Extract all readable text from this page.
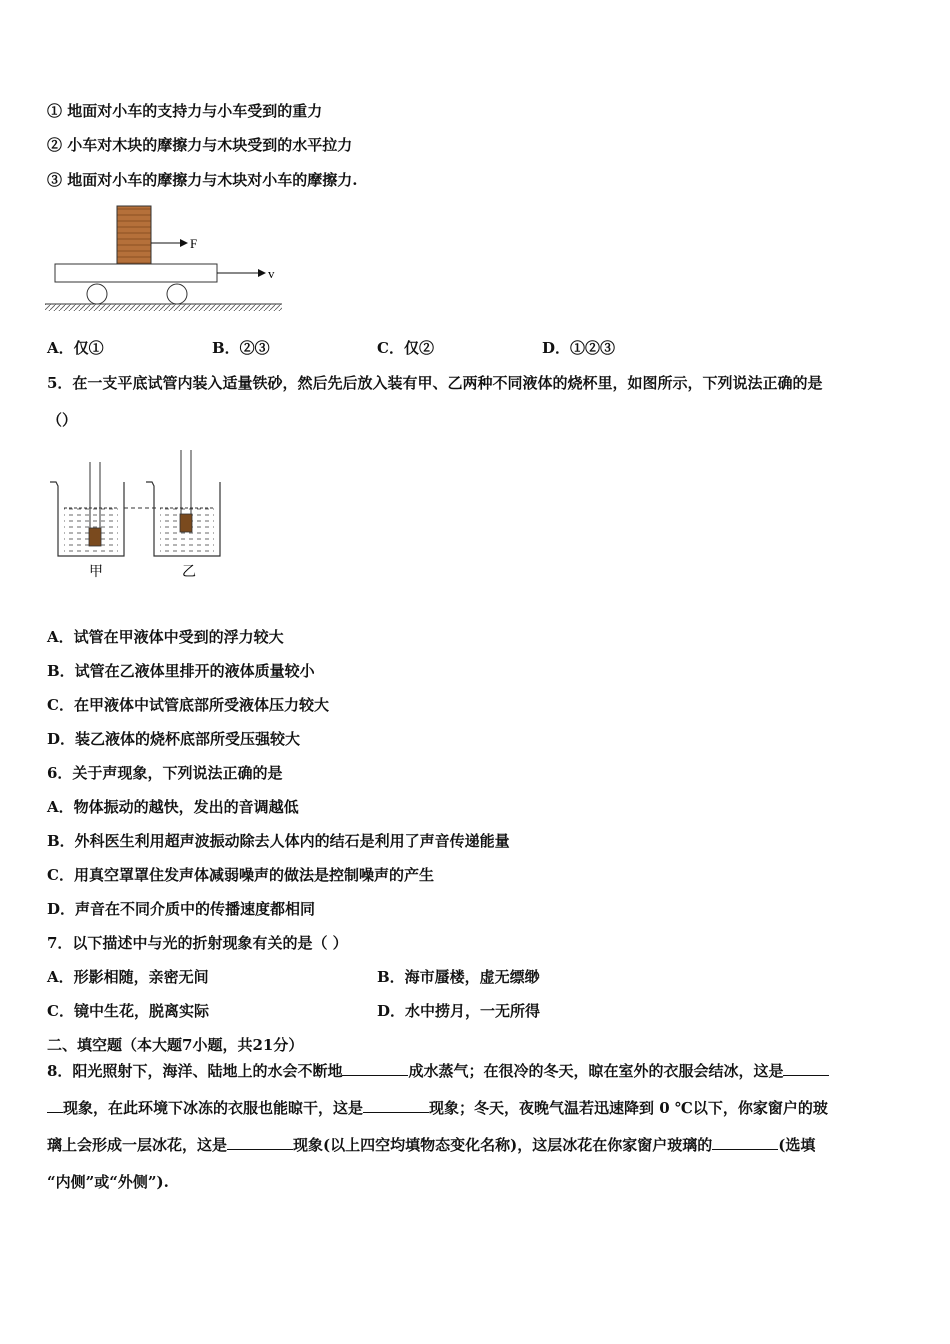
① 地面对小车的支持力与小车受到的重力
② 小车对木块的摩擦力与木块受到的水平拉力
③ 地面对小车的摩擦力与木块对小车的摩擦力.
F
v
A．仅①	B．②③	C．仅②	D．①②③
5．在一支平底试管内装入适量铁砂，然后先后放入装有甲、乙两种不同液体的烧杯里，如图所示，下列说法正确的是
（）
甲	乙
A．试管在甲液体中受到的浮力较大
B．试管在乙液体里排开的液体质量较小
C．在甲液体中试管底部所受液体压力较大
D．装乙液体的烧杯底部所受压强较大
6．关于声现象，下列说法正确的是
A．物体振动的越快，发出的音调越低
B．外科医生利用超声波振动除去人体内的结石是利用了声音传递能量
C．用真空罩罩住发声体减弱噪声的做法是控制噪声的产生
D．声音在不同介质中的传播速度都相同
7．以下描述中与光的折射现象有关的是（ ）
A．形影相随，亲密无间	B．海市蜃楼，虚无缥缈
C．镜中生花，脱离实际	D．水中捞月，一无所得
二、填空题（本大题7小题，共21分）
8．阳光照射下，海洋、陆地上的水会不断地	成水蒸气；在很冷的冬天，晾在室外的衣服会结冰，这是
现象，在此环境下冰冻的衣服也能晾干，这是	现象；冬天，夜晚气温若迅速降到 0 ℃以下，你家窗户的玻
璃上会形成一层冰花，这是	现象(以上四空均填物态变化名称)，这层冰花在你家窗户玻璃的	(选填
“内侧”或“外侧”).
